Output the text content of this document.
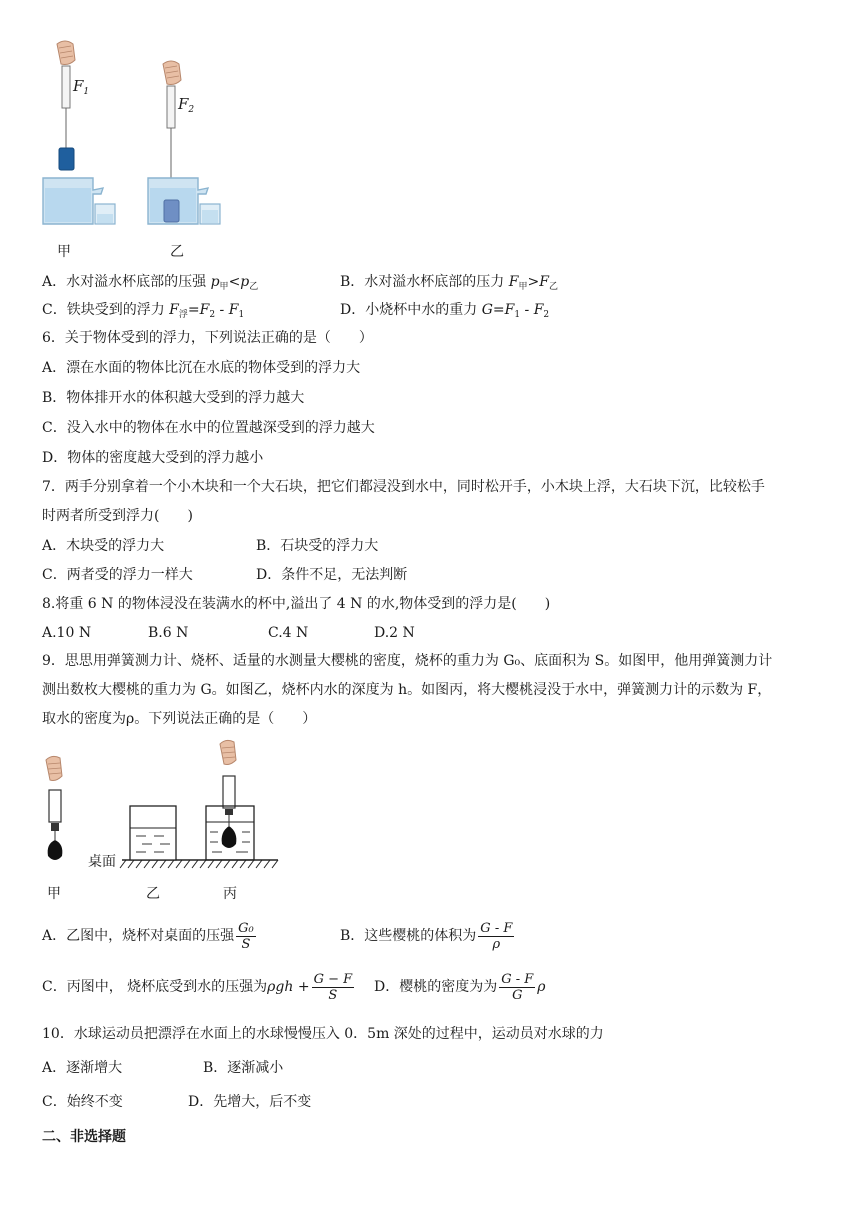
$F_1$
$F_2$
甲	乙
A．水对溢水杯底部的压强 $p_甲<p_乙$	B．水对溢水杯底部的压力 $F_甲>F_乙$
C．铁块受到的浮力 $F_浮=F_2 - F_1$	D．小烧杯中水的重力 $G=F_1 - F_2$
6．关于物体受到的浮力，下列说法正确的是（　　）
A．漂在水面的物体比沉在水底的物体受到的浮力大
B．物体排开水的体积越大受到的浮力越大
C．没入水中的物体在水中的位置越深受到的浮力越大
D．物体的密度越大受到的浮力越小
7．两手分别拿着一个小木块和一个大石块，把它们都浸没到水中，同时松开手，小木块上浮，大石块下沉，比较松手
时两者所受到浮力(　　)
A．木块受的浮力大	B．石块受的浮力大
C．两者受的浮力一样大	D．条件不足，无法判断
8.将重 6 N 的物体浸没在装满水的杯中,溢出了 4 N 的水,物体受到的浮力是(　　)
A.10 N	B.6 N	C.4 N	D.2 N
9．思思用弹簧测力计、烧杯、适量的水测量大樱桃的密度，烧杯的重力为 G₀、底面积为 S。如图甲，他用弹簧测力计
测出数枚大樱桃的重力为 G。如图乙，烧杯内水的深度为 h。如图丙，将大樱桃浸没于水中，弹簧测力计的示数为 F，
取水的密度为ρ。下列说法正确的是（　　）
桌面
甲	乙	丙
A．乙图中，烧杯对桌面的压强 $\frac{\text{G₀}}{S}$	B．这些樱桃的体积为 $\frac{G - F}{\rho}$
C．丙图中， 烧杯底受到水的压强为$\rho gh + \frac{G - F}{S}$ D．樱桃的密度为为 $\frac{G - F}{G}$ ρ
10．水球运动员把漂浮在水面上的水球慢慢压入 0．5m 深处的过程中，运动员对水球的力
A．逐渐增大	B．逐渐减小
C．始终不变	D．先增大，后不变
二、非选择题
